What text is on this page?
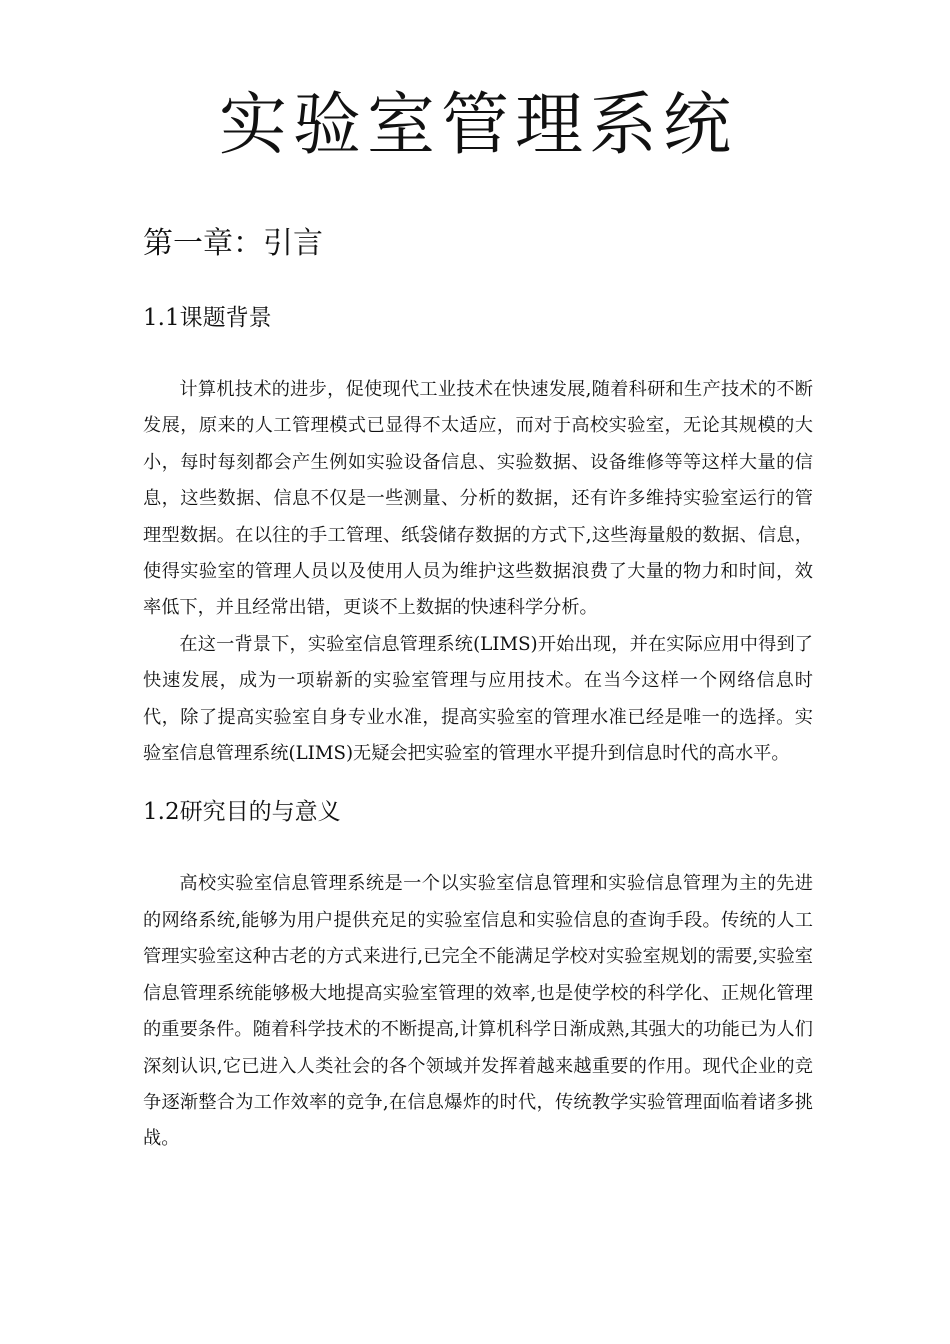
实验室管理系统
第一章：引言
1.1课题背景

计算机技术的进步，促使现代工业技术在快速发展,随着科研和生产技术的不断发展，原来的人工管理模式已显得不太适应，而对于高校实验室，无论其规模的大小，每时每刻都会产生例如实验设备信息、实验数据、设备维修等等这样大量的信息，这些数据、信息不仅是一些测量、分析的数据，还有许多维持实验室运行的管理型数据。在以往的手工管理、纸袋储存数据的方式下,这些海量般的数据、信息，使得实验室的管理人员以及使用人员为维护这些数据浪费了大量的物力和时间，效率低下，并且经常出错，更谈不上数据的快速科学分析。

在这一背景下，实验室信息管理系统(LIMS)开始出现，并在实际应用中得到了快速发展，成为一项崭新的实验室管理与应用技术。在当今这样一个网络信息时代，除了提高实验室自身专业水准，提高实验室的管理水准已经是唯一的选择。实验室信息管理系统(LIMS)无疑会把实验室的管理水平提升到信息时代的高水平。

1.2研究目的与意义

高校实验室信息管理系统是一个以实验室信息管理和实验信息管理为主的先进的网络系统,能够为用户提供充足的实验室信息和实验信息的查询手段。传统的人工管理实验室这种古老的方式来进行,已完全不能满足学校对实验室规划的需要,实验室信息管理系统能够极大地提高实验室管理的效率,也是使学校的科学化、正规化管理的重要条件。随着科学技术的不断提高,计算机科学日渐成熟,其强大的功能已为人们深刻认识,它已进入人类社会的各个领域并发挥着越来越重要的作用。现代企业的竞争逐渐整合为工作效率的竞争,在信息爆炸的时代，传统教学实验管理面临着诸多挑战。
